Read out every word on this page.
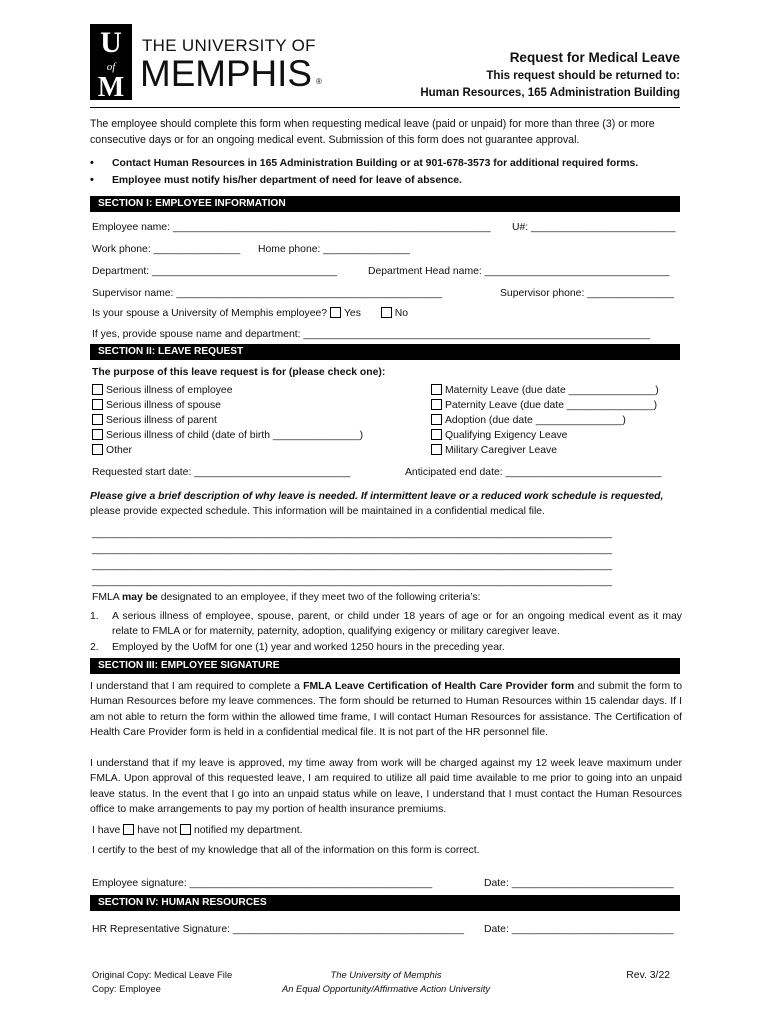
U
of
M
THE UNIVERSITY OF
MEMPHIS ®
Request for Medical Leave
This request should be returned to:
Human Resources, 165 Administration Building
The employee should complete this form when requesting medical leave (paid or unpaid) for more than three (3) or more consecutive days or for an ongoing medical event. Submission of this form does not guarantee approval.
• Contact Human Resources in 165 Administration Building or at 901-678-3573 for additional required forms.
• Employee must notify his/her department of need for leave of absence.
SECTION I: EMPLOYEE INFORMATION
Employee name: _______________________________________________________ U#: _________________________
Work phone: _______________ Home phone: _______________
Department: ________________________________	Department Head name: ________________________________
Supervisor name: ______________________________________________	Supervisor phone: _______________
Is your spouse a University of Memphis employee? Yes	No
If yes, provide spouse name and department: ____________________________________________________________
SECTION II: LEAVE REQUEST
The purpose of this leave request is for (please check one):
Serious illness of employee
Serious illness of spouse
Serious illness of parent
Serious illness of child (date of birth _______________)
Other
Maternity Leave (due date _______________)
Paternity Leave (due date _______________)
Adoption (due date _______________)
Qualifying Exigency Leave
Military Caregiver Leave
Requested start date: ___________________________	Anticipated end date: ___________________________
Please give a brief description of why leave is needed. If intermittent leave or a reduced work schedule is requested,
please provide expected schedule. This information will be maintained in a confidential medical file.
__________________________________________________________________________________________
__________________________________________________________________________________________
__________________________________________________________________________________________
__________________________________________________________________________________________
FMLA may be designated to an employee, if they meet two of the following criteria’s:
1. A serious illness of employee, spouse, parent, or child under 18 years of age or for an ongoing medical event as it may relate to FMLA or for maternity, paternity, adoption, qualifying exigency or military caregiver leave.
2. Employed by the UofM for one (1) year and worked 1250 hours in the preceding year.
SECTION III: EMPLOYEE SIGNATURE
I understand that I am required to complete a FMLA Leave Certification of Health Care Provider form and submit the form to Human Resources before my leave commences. The form should be returned to Human Resources within 15 calendar days. If I am not able to return the form within the allowed time frame, I will contact Human Resources for assistance. The Certification of Health Care Provider form is held in a confidential medical file. It is not part of the HR personnel file.
I understand that if my leave is approved, my time away from work will be charged against my 12 week leave maximum under FMLA. Upon approval of this requested leave, I am required to utilize all paid time available to me prior to going into an unpaid leave status. In the event that I go into an unpaid status while on leave, I understand that I must contact the Human Resources office to make arrangements to pay my portion of health insurance premiums.
I have have not notified my department.
I certify to the best of my knowledge that all of the information on this form is correct.
Employee signature: __________________________________________	Date: ____________________________
SECTION IV: HUMAN RESOURCES
HR Representative Signature: ________________________________________ Date: ____________________________
Original Copy: Medical Leave File
Copy: Employee
The University of Memphis
An Equal Opportunity/Affirmative Action University
Rev. 3/22
